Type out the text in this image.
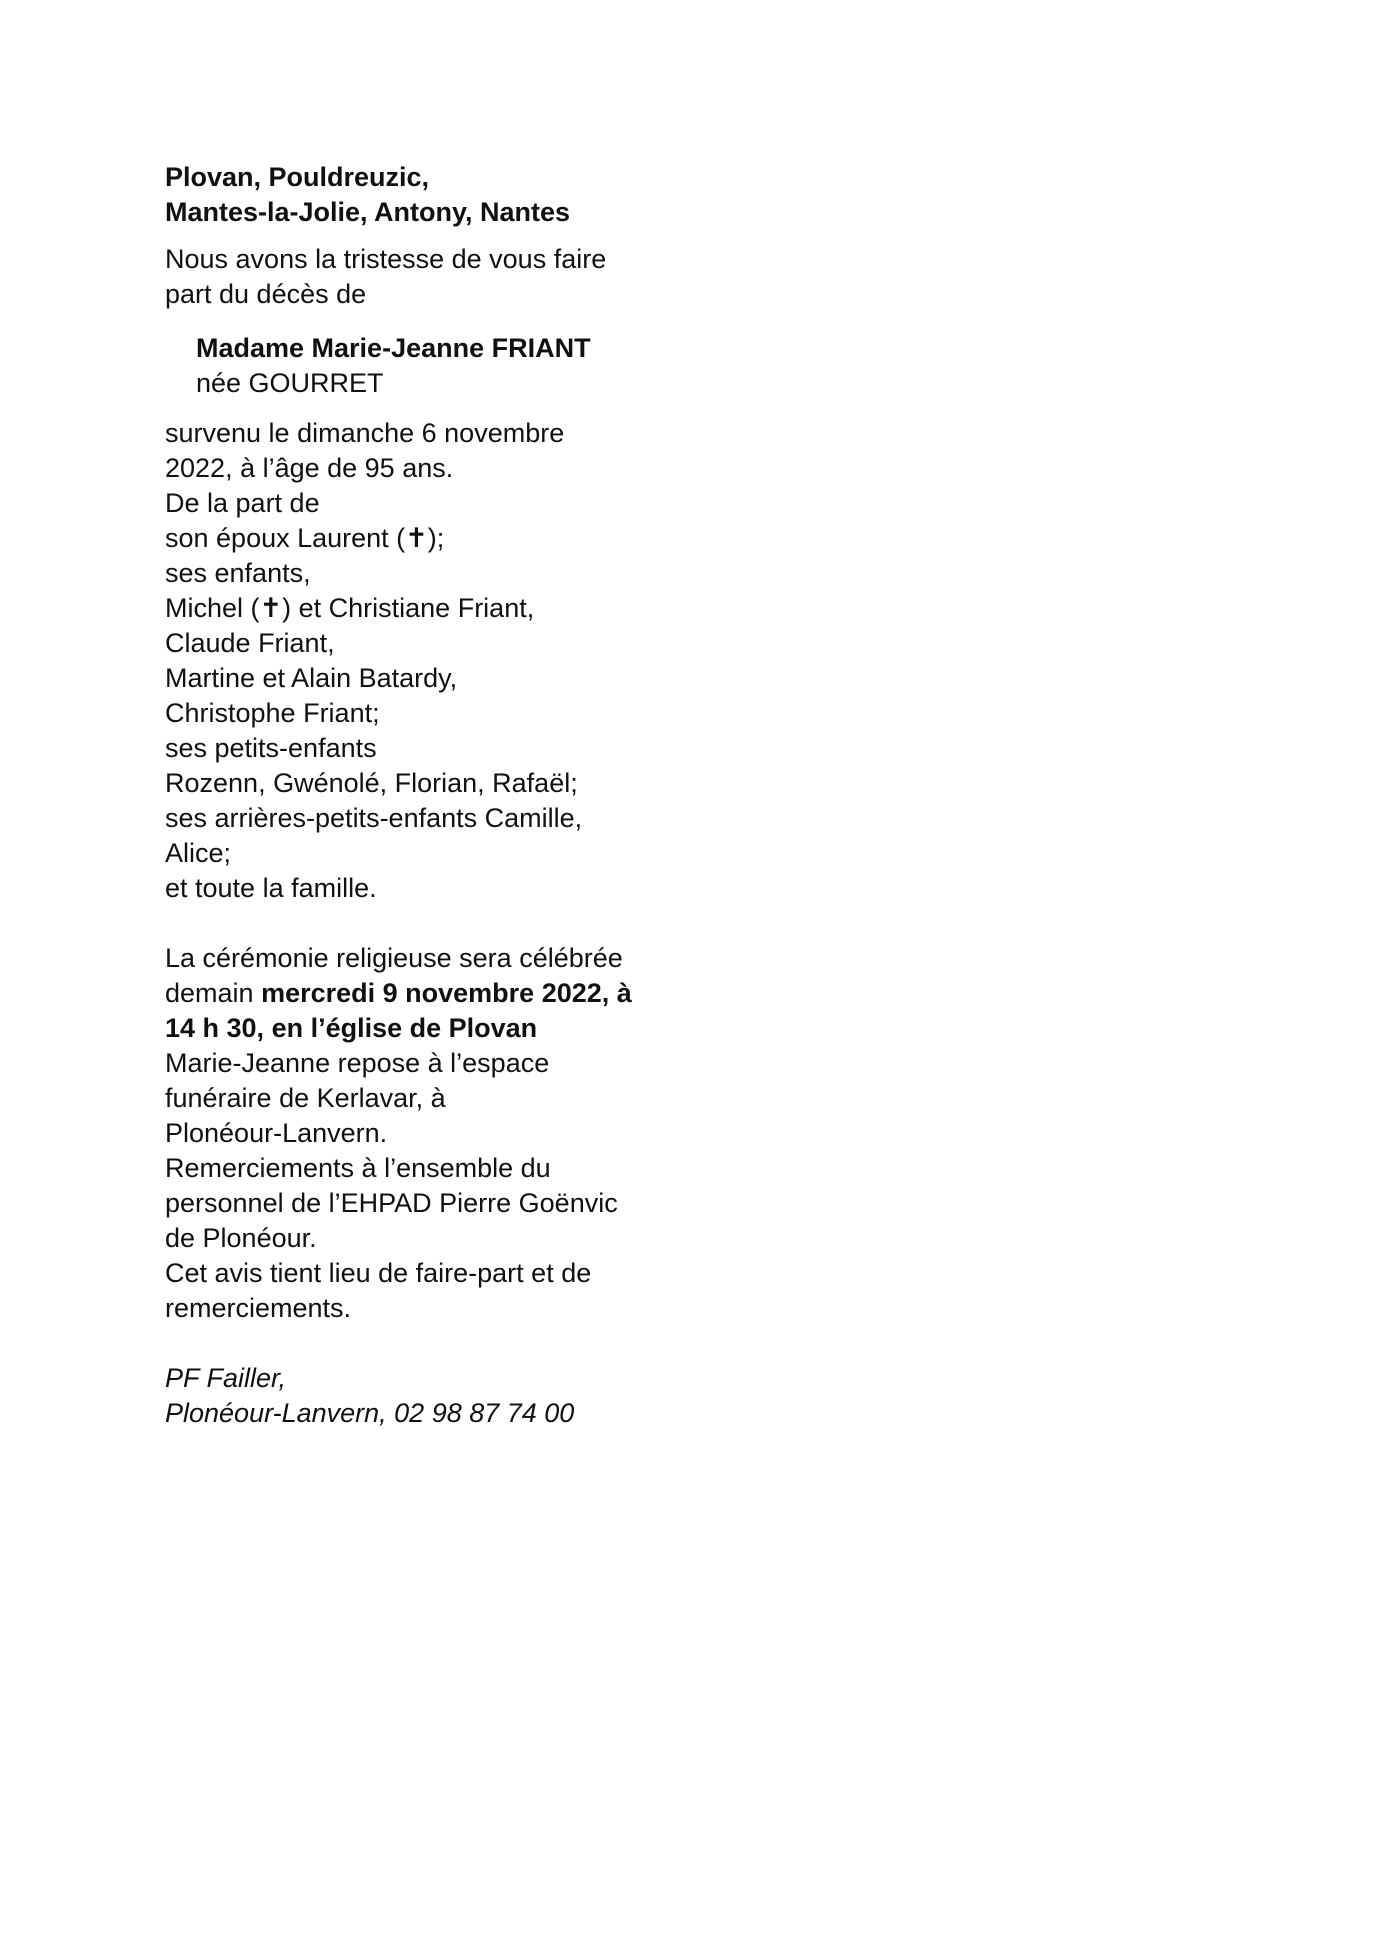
Plovan, Pouldreuzic,
Mantes-la-Jolie, Antony, Nantes
Nous avons la tristesse de vous faire
part du décès de
Madame Marie-Jeanne FRIANT
née GOURRET
survenu le dimanche 6 novembre
2022, à l’âge de 95 ans.
De la part de
son époux Laurent (✝);
ses enfants,
Michel (✝) et Christiane Friant,
Claude Friant,
Martine et Alain Batardy,
Christophe Friant;
ses petits-enfants
Rozenn, Gwénolé, Florian, Rafaël;
ses arrières-petits-enfants Camille,
Alice;
et toute la famille.
La cérémonie religieuse sera célébrée
demain mercredi 9 novembre 2022, à
14 h 30, en l’église de Plovan
Marie-Jeanne repose à l’espace
funéraire de Kerlavar, à
Plonéour-Lanvern.
Remerciements à l’ensemble du
personnel de l’EHPAD Pierre Goënvic
de Plonéour.
Cet avis tient lieu de faire-part et de
remerciements.
PF Failler,
Plonéour-Lanvern, 02 98 87 74 00
